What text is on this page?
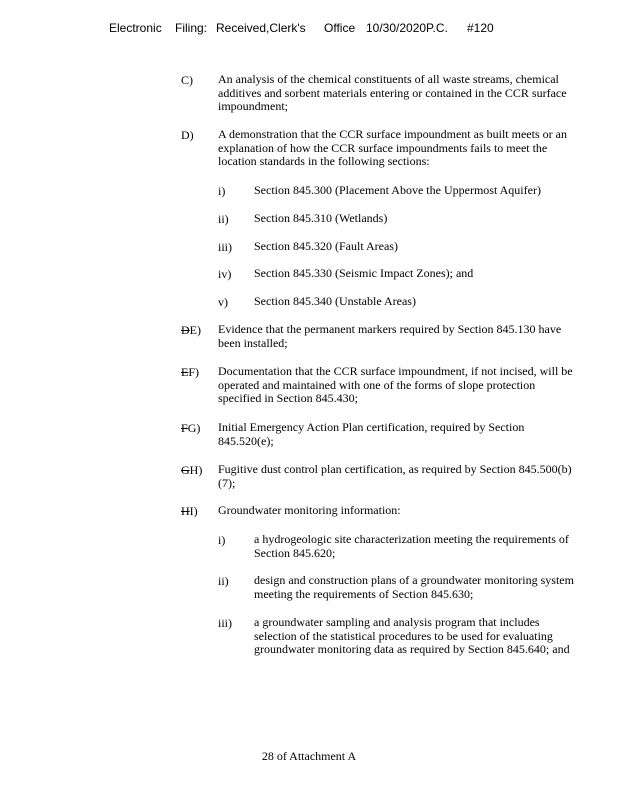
Electronic Filing: Received,Clerk's Office 10/30/2020P.C. #120
C) An analysis of the chemical constituents of all waste streams, chemical additives and sorbent materials entering or contained in the CCR surface impoundment;
D) A demonstration that the CCR surface impoundment as built meets or an explanation of how the CCR surface impoundments fails to meet the location standards in the following sections:
i) Section 845.300 (Placement Above the Uppermost Aquifer)
ii) Section 845.310 (Wetlands)
iii) Section 845.320 (Fault Areas)
iv) Section 845.330 (Seismic Impact Zones); and
v) Section 845.340 (Unstable Areas)
DE) Evidence that the permanent markers required by Section 845.130 have been installed;
EF) Documentation that the CCR surface impoundment, if not incised, will be operated and maintained with one of the forms of slope protection specified in Section 845.430;
FG) Initial Emergency Action Plan certification, required by Section 845.520(e);
GH) Fugitive dust control plan certification, as required by Section 845.500(b)(7);
HI) Groundwater monitoring information:
i) a hydrogeologic site characterization meeting the requirements of Section 845.620;
ii) design and construction plans of a groundwater monitoring system meeting the requirements of Section 845.630;
iii) a groundwater sampling and analysis program that includes selection of the statistical procedures to be used for evaluating groundwater monitoring data as required by Section 845.640; and
28 of Attachment A
